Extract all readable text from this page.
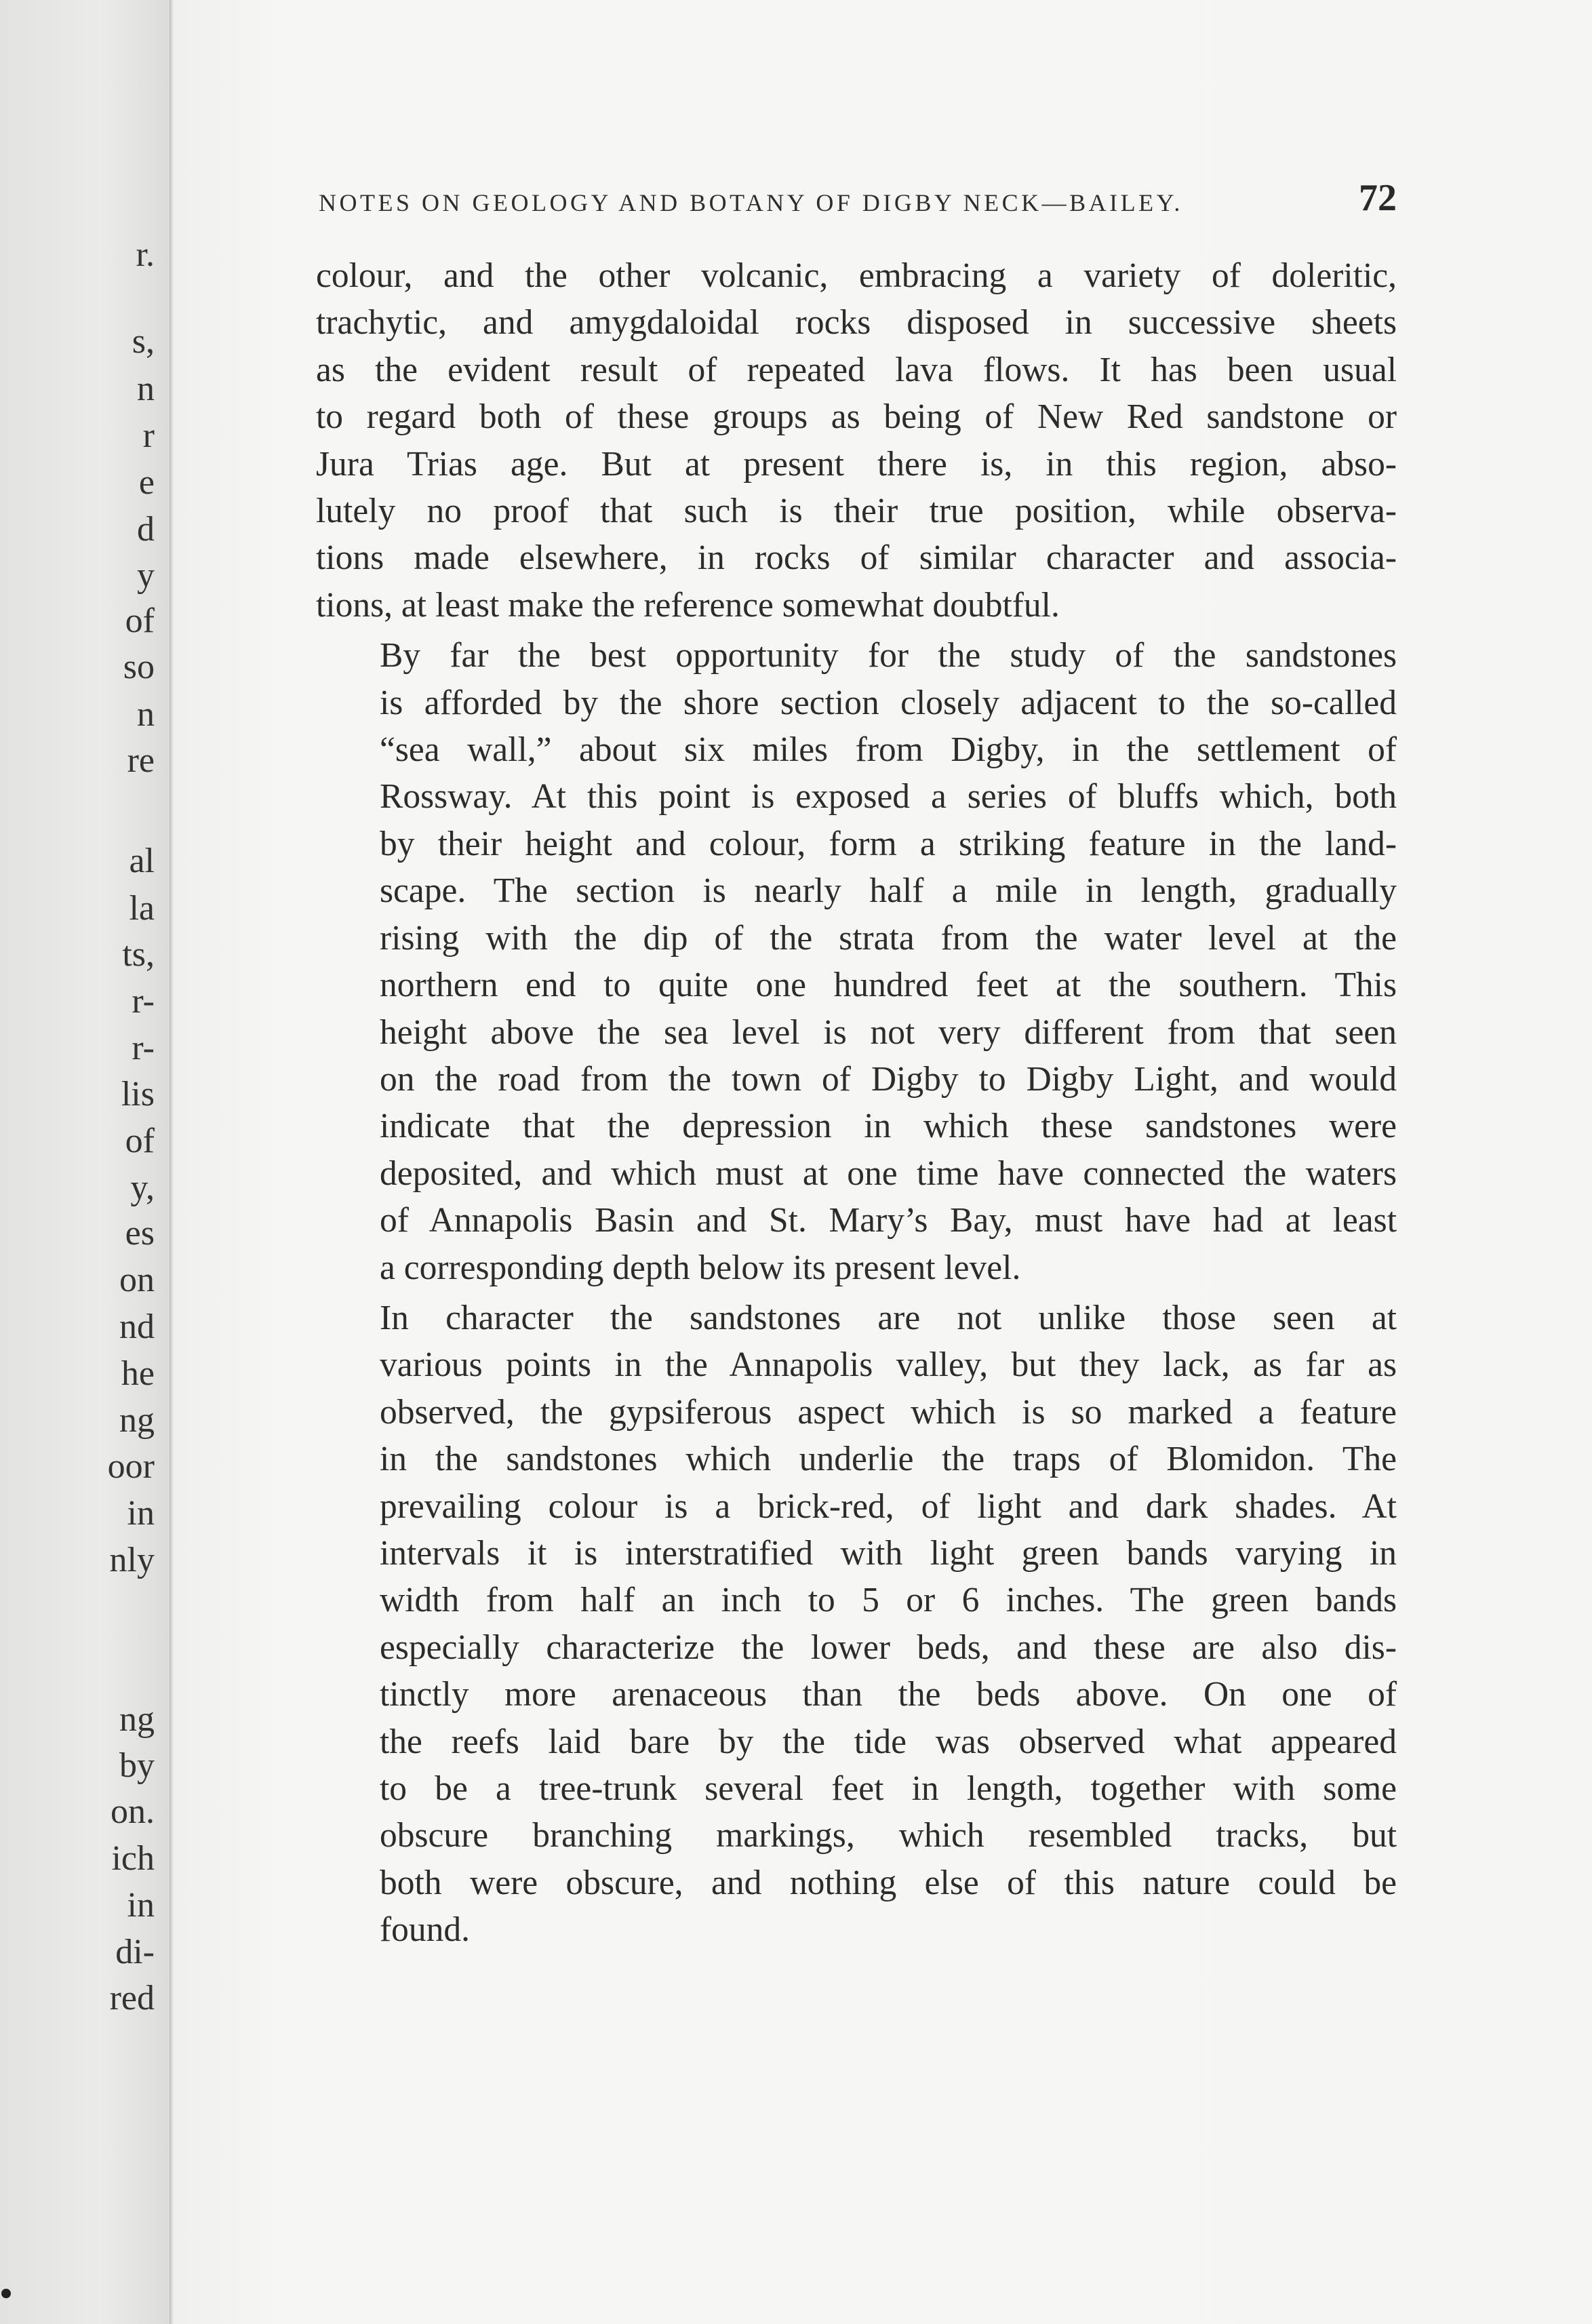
r.
s,
n
r
e
d
y
of
so
n
re
al
la
ts,
r-
r-
lis
of
y,
es
on
nd
he
ng
oor
in
nly
ng
by
on.
ich
in
di-
red
NOTES ON GEOLOGY AND BOTANY OF DIGBY NECK—BAILEY.	72

colour, and the other volcanic, embracing a variety of doleritic,
trachytic, and amygdaloidal rocks disposed in successive sheets
as the evident result of repeated lava flows. It has been usual
to regard both of these groups as being of New Red sandstone or
Jura Trias age. But at present there is, in this region, abso-
lutely no proof that such is their true position, while observa-
tions made elsewhere, in rocks of similar character and associa-
tions, at least make the reference somewhat doubtful.

By far the best opportunity for the study of the sandstones
is afforded by the shore section closely adjacent to the so-called
“sea wall,” about six miles from Digby, in the settlement of
Rossway. At this point is exposed a series of bluffs which, both
by their height and colour, form a striking feature in the land-
scape. The section is nearly half a mile in length, gradually
rising with the dip of the strata from the water level at the
northern end to quite one hundred feet at the southern. This
height above the sea level is not very different from that seen
on the road from the town of Digby to Digby Light, and would
indicate that the depression in which these sandstones were
deposited, and which must at one time have connected the waters
of Annapolis Basin and St. Mary’s Bay, must have had at least
a corresponding depth below its present level.

In character the sandstones are not unlike those seen at
various points in the Annapolis valley, but they lack, as far as
observed, the gypsiferous aspect which is so marked a feature
in the sandstones which underlie the traps of Blomidon. The
prevailing colour is a brick-red, of light and dark shades. At
intervals it is interstratified with light green bands varying in
width from half an inch to 5 or 6 inches. The green bands
especially characterize the lower beds, and these are also dis-
tinctly more arenaceous than the beds above. On one of
the reefs laid bare by the tide was observed what appeared
to be a tree-trunk several feet in length, together with some
obscure branching markings, which resembled tracks, but
both were obscure, and nothing else of this nature could be
found.
